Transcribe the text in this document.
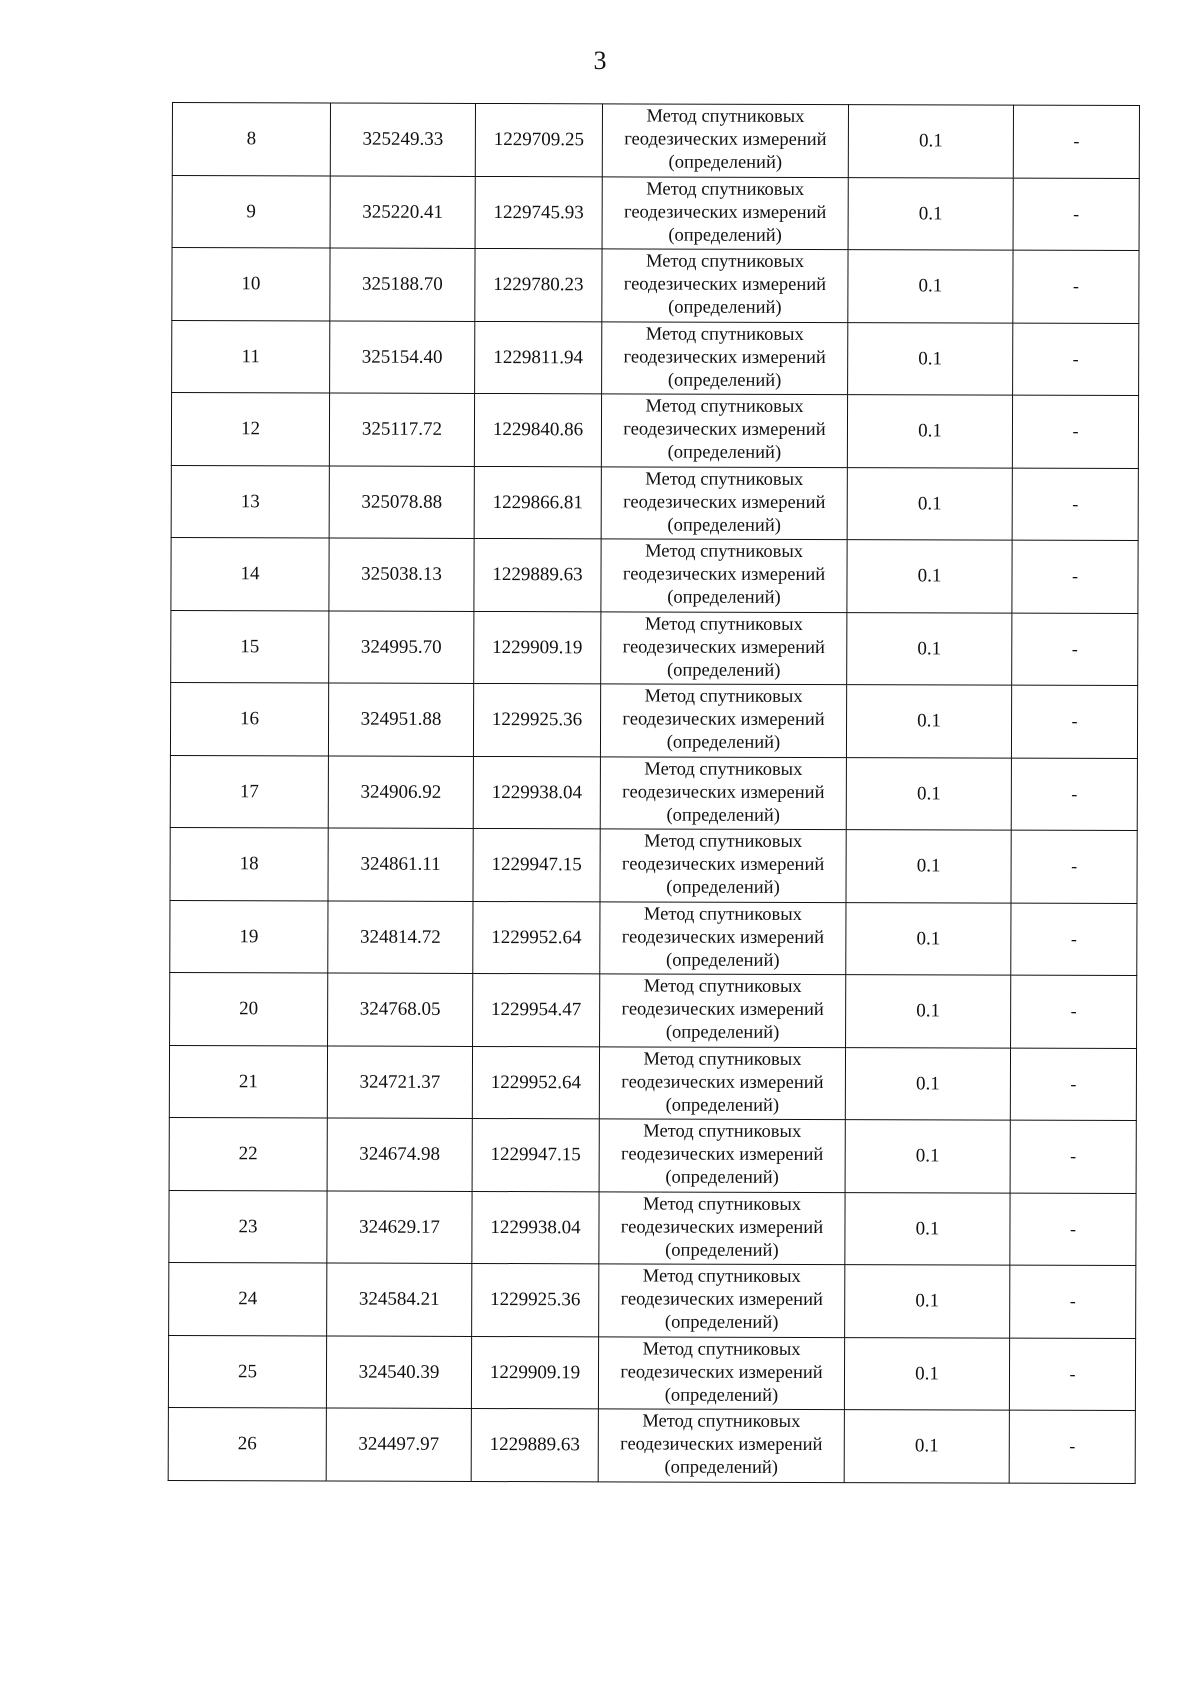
3
8	325249.33	1229709.25	Метод спутниковых
геодезических измерений
(определений)	0.1	-
9	325220.41	1229745.93	Метод спутниковых
геодезических измерений
(определений)	0.1	-
10	325188.70	1229780.23	Метод спутниковых
геодезических измерений
(определений)	0.1	-
11	325154.40	1229811.94	Метод спутниковых
геодезических измерений
(определений)	0.1	-
12	325117.72	1229840.86	Метод спутниковых
геодезических измерений
(определений)	0.1	-
13	325078.88	1229866.81	Метод спутниковых
геодезических измерений
(определений)	0.1	-
14	325038.13	1229889.63	Метод спутниковых
геодезических измерений
(определений)	0.1	-
15	324995.70	1229909.19	Метод спутниковых
геодезических измерений
(определений)	0.1	-
16	324951.88	1229925.36	Метод спутниковых
геодезических измерений
(определений)	0.1	-
17	324906.92	1229938.04	Метод спутниковых
геодезических измерений
(определений)	0.1	-
18	324861.11	1229947.15	Метод спутниковых
геодезических измерений
(определений)	0.1	-
19	324814.72	1229952.64	Метод спутниковых
геодезических измерений
(определений)	0.1	-
20	324768.05	1229954.47	Метод спутниковых
геодезических измерений
(определений)	0.1	-
21	324721.37	1229952.64	Метод спутниковых
геодезических измерений
(определений)	0.1	-
22	324674.98	1229947.15	Метод спутниковых
геодезических измерений
(определений)	0.1	-
23	324629.17	1229938.04	Метод спутниковых
геодезических измерений
(определений)	0.1	-
24	324584.21	1229925.36	Метод спутниковых
геодезических измерений
(определений)	0.1	-
25	324540.39	1229909.19	Метод спутниковых
геодезических измерений
(определений)	0.1	-
26	324497.97	1229889.63	Метод спутниковых
геодезических измерений
(определений)	0.1	-
